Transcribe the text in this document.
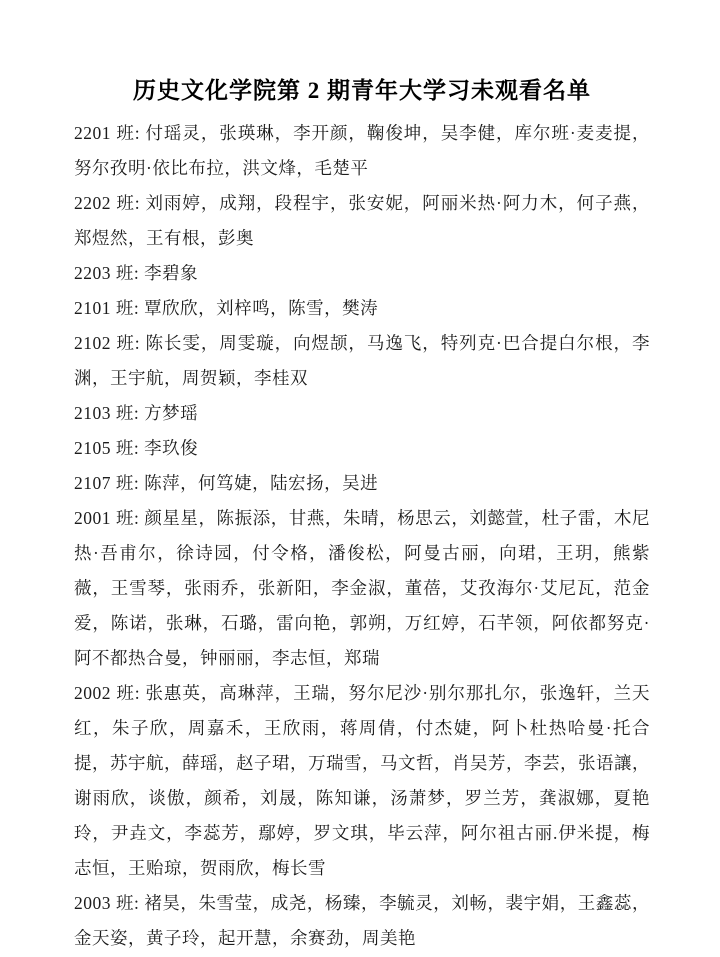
历史文化学院第 2 期青年大学习未观看名单

2201 班: 付瑶灵，张瑛琳，李开颜，鞠俊坤，吴李健，库尔班·麦麦提，努尔孜明·依比布拉，洪文烽，毛楚平

2202 班: 刘雨婷，成翔，段程宇，张安妮，阿丽米热·阿力木，何子燕，郑煜然，王有根，彭奥

2203 班: 李碧象

2101 班: 覃欣欣，刘梓鸣，陈雪，樊涛

2102 班: 陈长雯，周雯璇，向煜颉，马逸飞，特列克·巴合提白尔根，李渊，王宇航，周贺颖，李桂双

2103 班: 方梦瑶

2105 班: 李玖俊

2107 班: 陈萍，何笃婕，陆宏扬，吴进

2001 班: 颜星星，陈振添，甘燕，朱晴，杨思云，刘懿萱，杜子雷，木尼热·吾甫尔，徐诗园，付令格，潘俊松，阿曼古丽，向珺，王玥，熊紫薇，王雪琴，张雨乔，张新阳，李金淑，董蓓，艾孜海尔·艾尼瓦，范金爱，陈诺，张琳，石璐，雷向艳，郭朔，万红婷，石芊领，阿依都努克·阿不都热合曼，钟丽丽，李志恒，郑瑞

2002 班: 张惠英，高琳萍，王瑞，努尔尼沙·别尔那扎尔，张逸轩，兰天红，朱子欣，周嘉禾，王欣雨，蒋周倩，付杰婕，阿卜杜热哈曼·托合提，苏宇航，薛瑶，赵子珺，万瑞雪，马文哲，肖吴芳，李芸，张语讓，谢雨欣，谈傲，颜希，刘晟，陈知谦，汤萧梦，罗兰芳，龚淑娜，夏艳玲，尹垚文，李蕊芳，鄢婷，罗文琪，毕云萍，阿尔祖古丽.伊米提，梅志恒，王贻琼，贺雨欣，梅长雪

2003 班: 褚昊，朱雪莹，成尧，杨臻，李毓灵，刘畅，裴宇娟，王鑫蕊，金天姿，黄子玲，起开慧，余赛劲，周美艳
